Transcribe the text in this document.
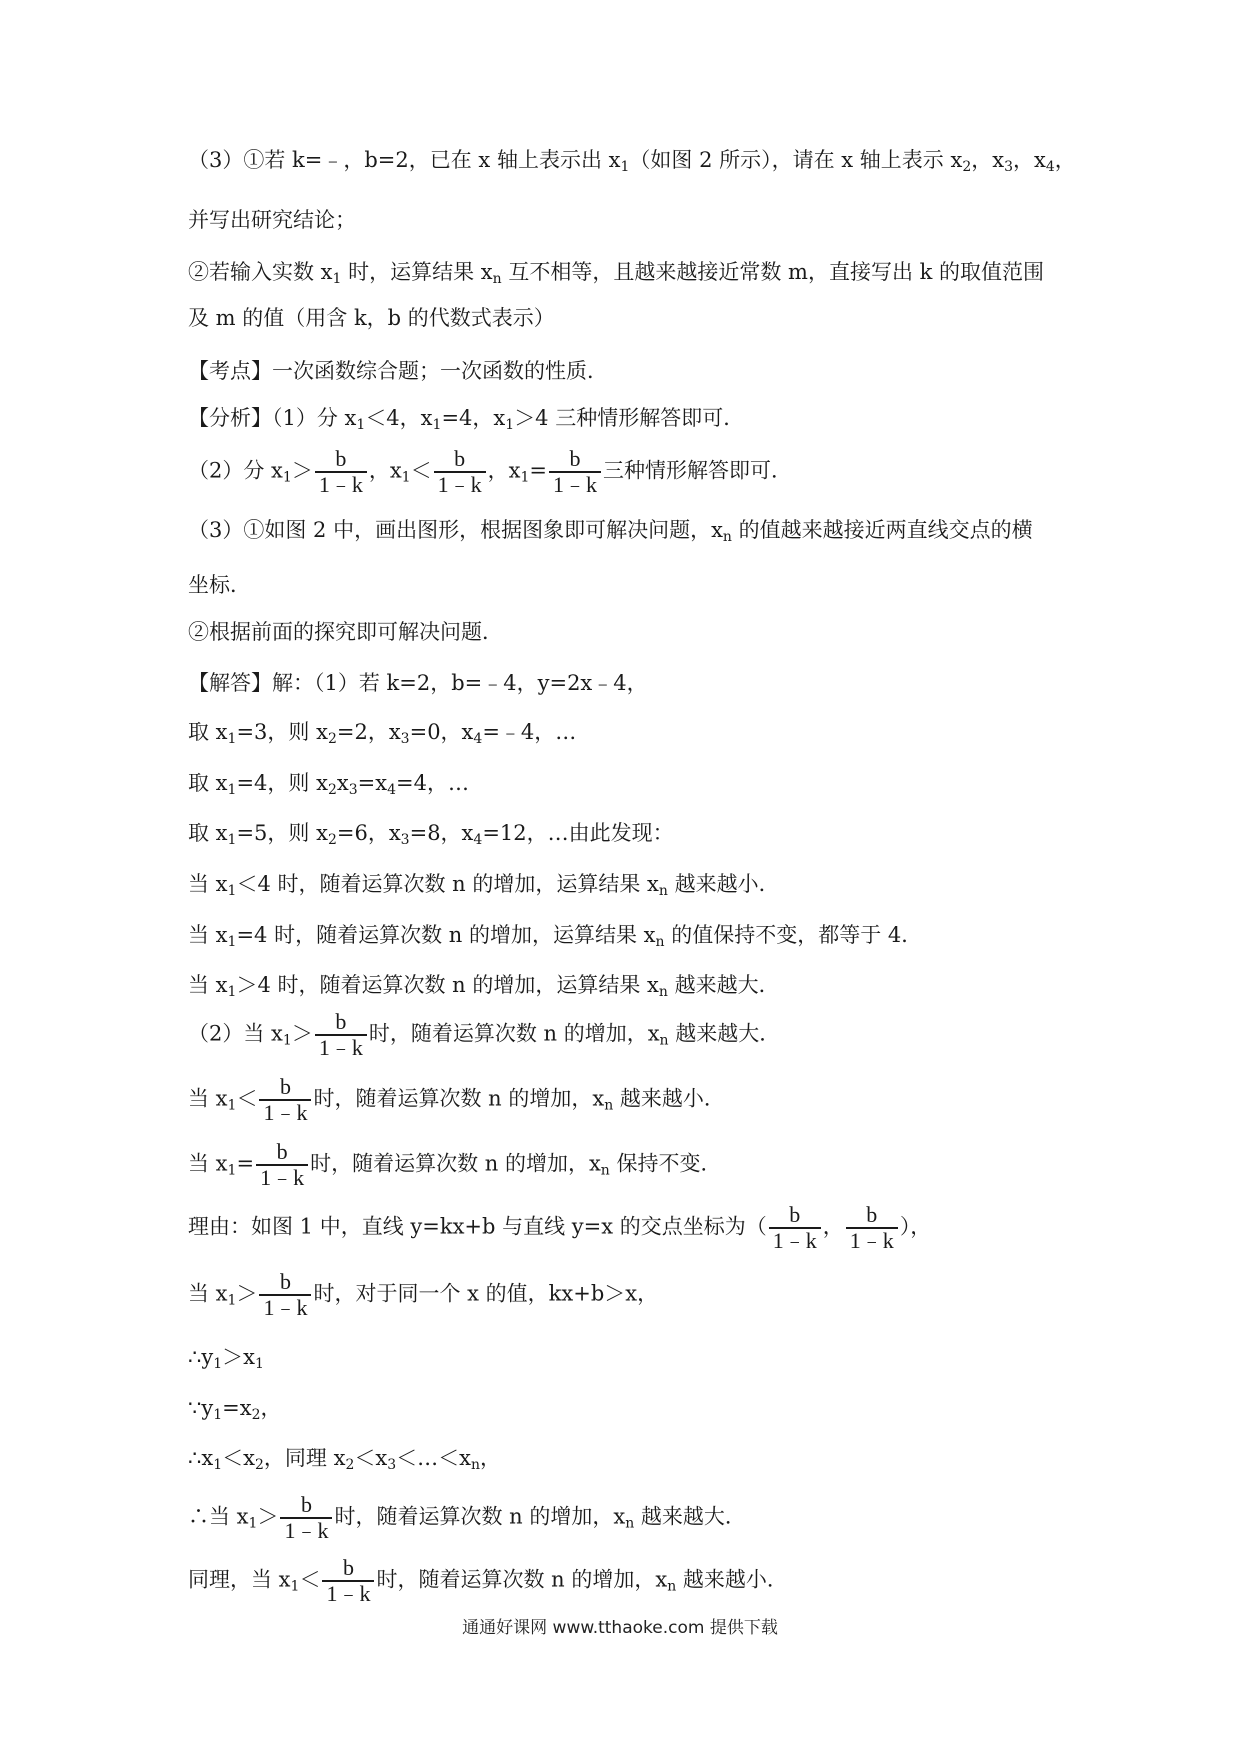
（3）①若 k=﹣，b=2，已在 x 轴上表示出 $x_1$（如图 2 所示），请在 x 轴上表示 $x_2$，$x_3$，$x_4$，
并写出研究结论；
②若输入实数 $x_1$ 时，运算结果 $x_n$ 互不相等，且越来越接近常数 m，直接写出 k 的取值范围
及 m 的值（用含 k，b 的代数式表示）
【考点】一次函数综合题；一次函数的性质．
【分析】（1）分 $x_1<4$，$x_1=4$，$x_1>4$ 三种情形解答即可．
（2）分 $x_1> \frac{b}{1﹣k}$ ，$x_1< \frac{b}{1﹣k}$ ，$x_1= \frac{b}{1﹣k}$ 三种情形解答即可．
（3）①如图 2 中，画出图形，根据图象即可解决问题，$x_n$ 的值越来越接近两直线交点的横
坐标．
②根据前面的探究即可解决问题．
【解答】解：（1）若 k=2，b=﹣4，y=2x﹣4，
取 $x_1=3$，则 $x_2=2$，$x_3=0$，$x_4=﹣4$，…
取 $x_1=4$，则 $x_2x_3=x_4=4$，…
取 $x_1=5$，则 $x_2=6$，$x_3=8$，$x_4=12$，…由此发现：
当 $x_1<4$ 时，随着运算次数 n 的增加，运算结果 $x_n$ 越来越小．
当 $x_1=4$ 时，随着运算次数 n 的增加，运算结果 $x_n$ 的值保持不变，都等于 4．
当 $x_1>4$ 时，随着运算次数 n 的增加，运算结果 $x_n$ 越来越大．
（2）当 $x_1> \frac{b}{1﹣k}$ 时，随着运算次数 n 的增加，$x_n$ 越来越大．
当 $x_1< \frac{b}{1﹣k}$ 时，随着运算次数 n 的增加，$x_n$ 越来越小．
当 $x_1= \frac{b}{1﹣k}$ 时，随着运算次数 n 的增加，$x_n$ 保持不变．
理由：如图 1 中，直线 y=kx+b 与直线 y=x 的交点坐标为（ $\frac{b}{1﹣k}$ ， $\frac{b}{1﹣k}$ ），
当 $x_1> \frac{b}{1﹣k}$ 时，对于同一个 x 的值，kx+b＞x，
$\therefore y_1>x_1$
$\because y_1=x_2$，
$\therefore x_1<x_2$，同理 $x_2<x_3<\dots<x_n$，
∴当 $x_1> \frac{b}{1﹣k}$ 时，随着运算次数 n 的增加，$x_n$ 越来越大．
同理，当 $x_1< \frac{b}{1﹣k}$ 时，随着运算次数 n 的增加，$x_n$ 越来越小．
通通好课网 www.tthaoke.com 提供下载
